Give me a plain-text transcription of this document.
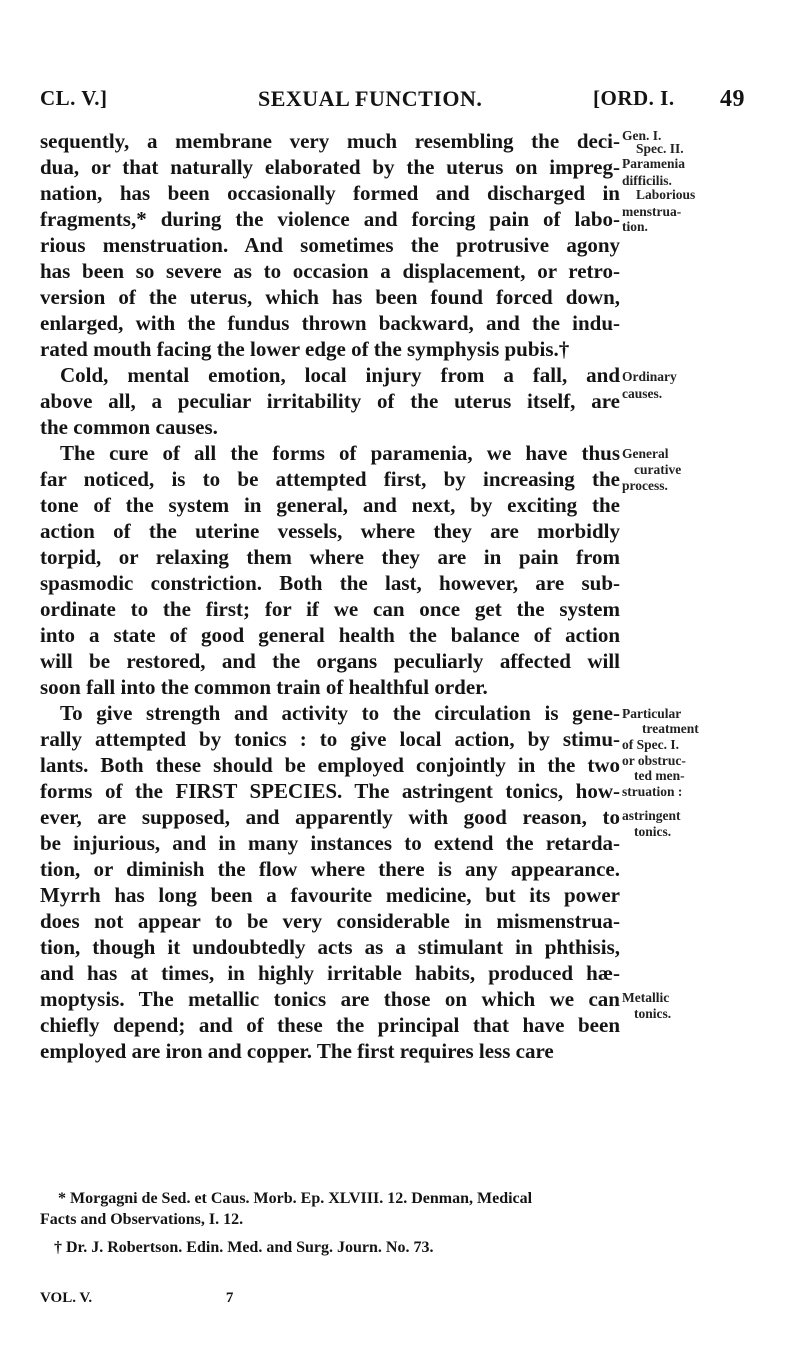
CL. V.]	SEXUAL FUNCTION.	[ORD. I. 49
sequently, a membrane very much resembling the deci-
dua, or that naturally elaborated by the uterus on impreg-
nation, has been occasionally formed and discharged in
fragments,* during the violence and forcing pain of labo-
rious menstruation. And sometimes the protrusive agony
has been so severe as to occasion a displacement, or retro-
version of the uterus, which has been found forced down,
enlarged, with the fundus thrown backward, and the indu-
rated mouth facing the lower edge of the symphysis pubis.†
Cold, mental emotion, local injury from a fall, and
above all, a peculiar irritability of the uterus itself, are
the common causes.
The cure of all the forms of paramenia, we have thus
far noticed, is to be attempted first, by increasing the
tone of the system in general, and next, by exciting the
action of the uterine vessels, where they are morbidly
torpid, or relaxing them where they are in pain from
spasmodic constriction. Both the last, however, are sub-
ordinate to the first; for if we can once get the system
into a state of good general health the balance of action
will be restored, and the organs peculiarly affected will
soon fall into the common train of healthful order.
To give strength and activity to the circulation is gene-
rally attempted by tonics : to give local action, by stimu-
lants. Both these should be employed conjointly in the two
forms of the FIRST SPECIES. The astringent tonics, how-
ever, are supposed, and apparently with good reason, to
be injurious, and in many instances to extend the retarda-
tion, or diminish the flow where there is any appearance.
Myrrh has long been a favourite medicine, but its power
does not appear to be very considerable in mismenstrua-
tion, though it undoubtedly acts as a stimulant in phthisis,
and has at times, in highly irritable habits, produced hæ-
moptysis. The metallic tonics are those on which we can
chiefly depend; and of these the principal that have been
employed are iron and copper. The first requires less care
Gen. I.
Spec. II.
Paramenia
difficilis.
Laborious
menstrua-
tion.
Ordinary
causes.
General
curative
process.
Particular
treatment
of Spec. I.
or obstruc-
ted men-
struation :
astringent
tonics.
Metallic
tonics.
* Morgagni de Sed. et Caus. Morb. Ep. XLVIII. 12. Denman, Medical
Facts and Observations, I. 12.
† Dr. J. Robertson. Edin. Med. and Surg. Journ. No. 73.
VOL. V.	7
